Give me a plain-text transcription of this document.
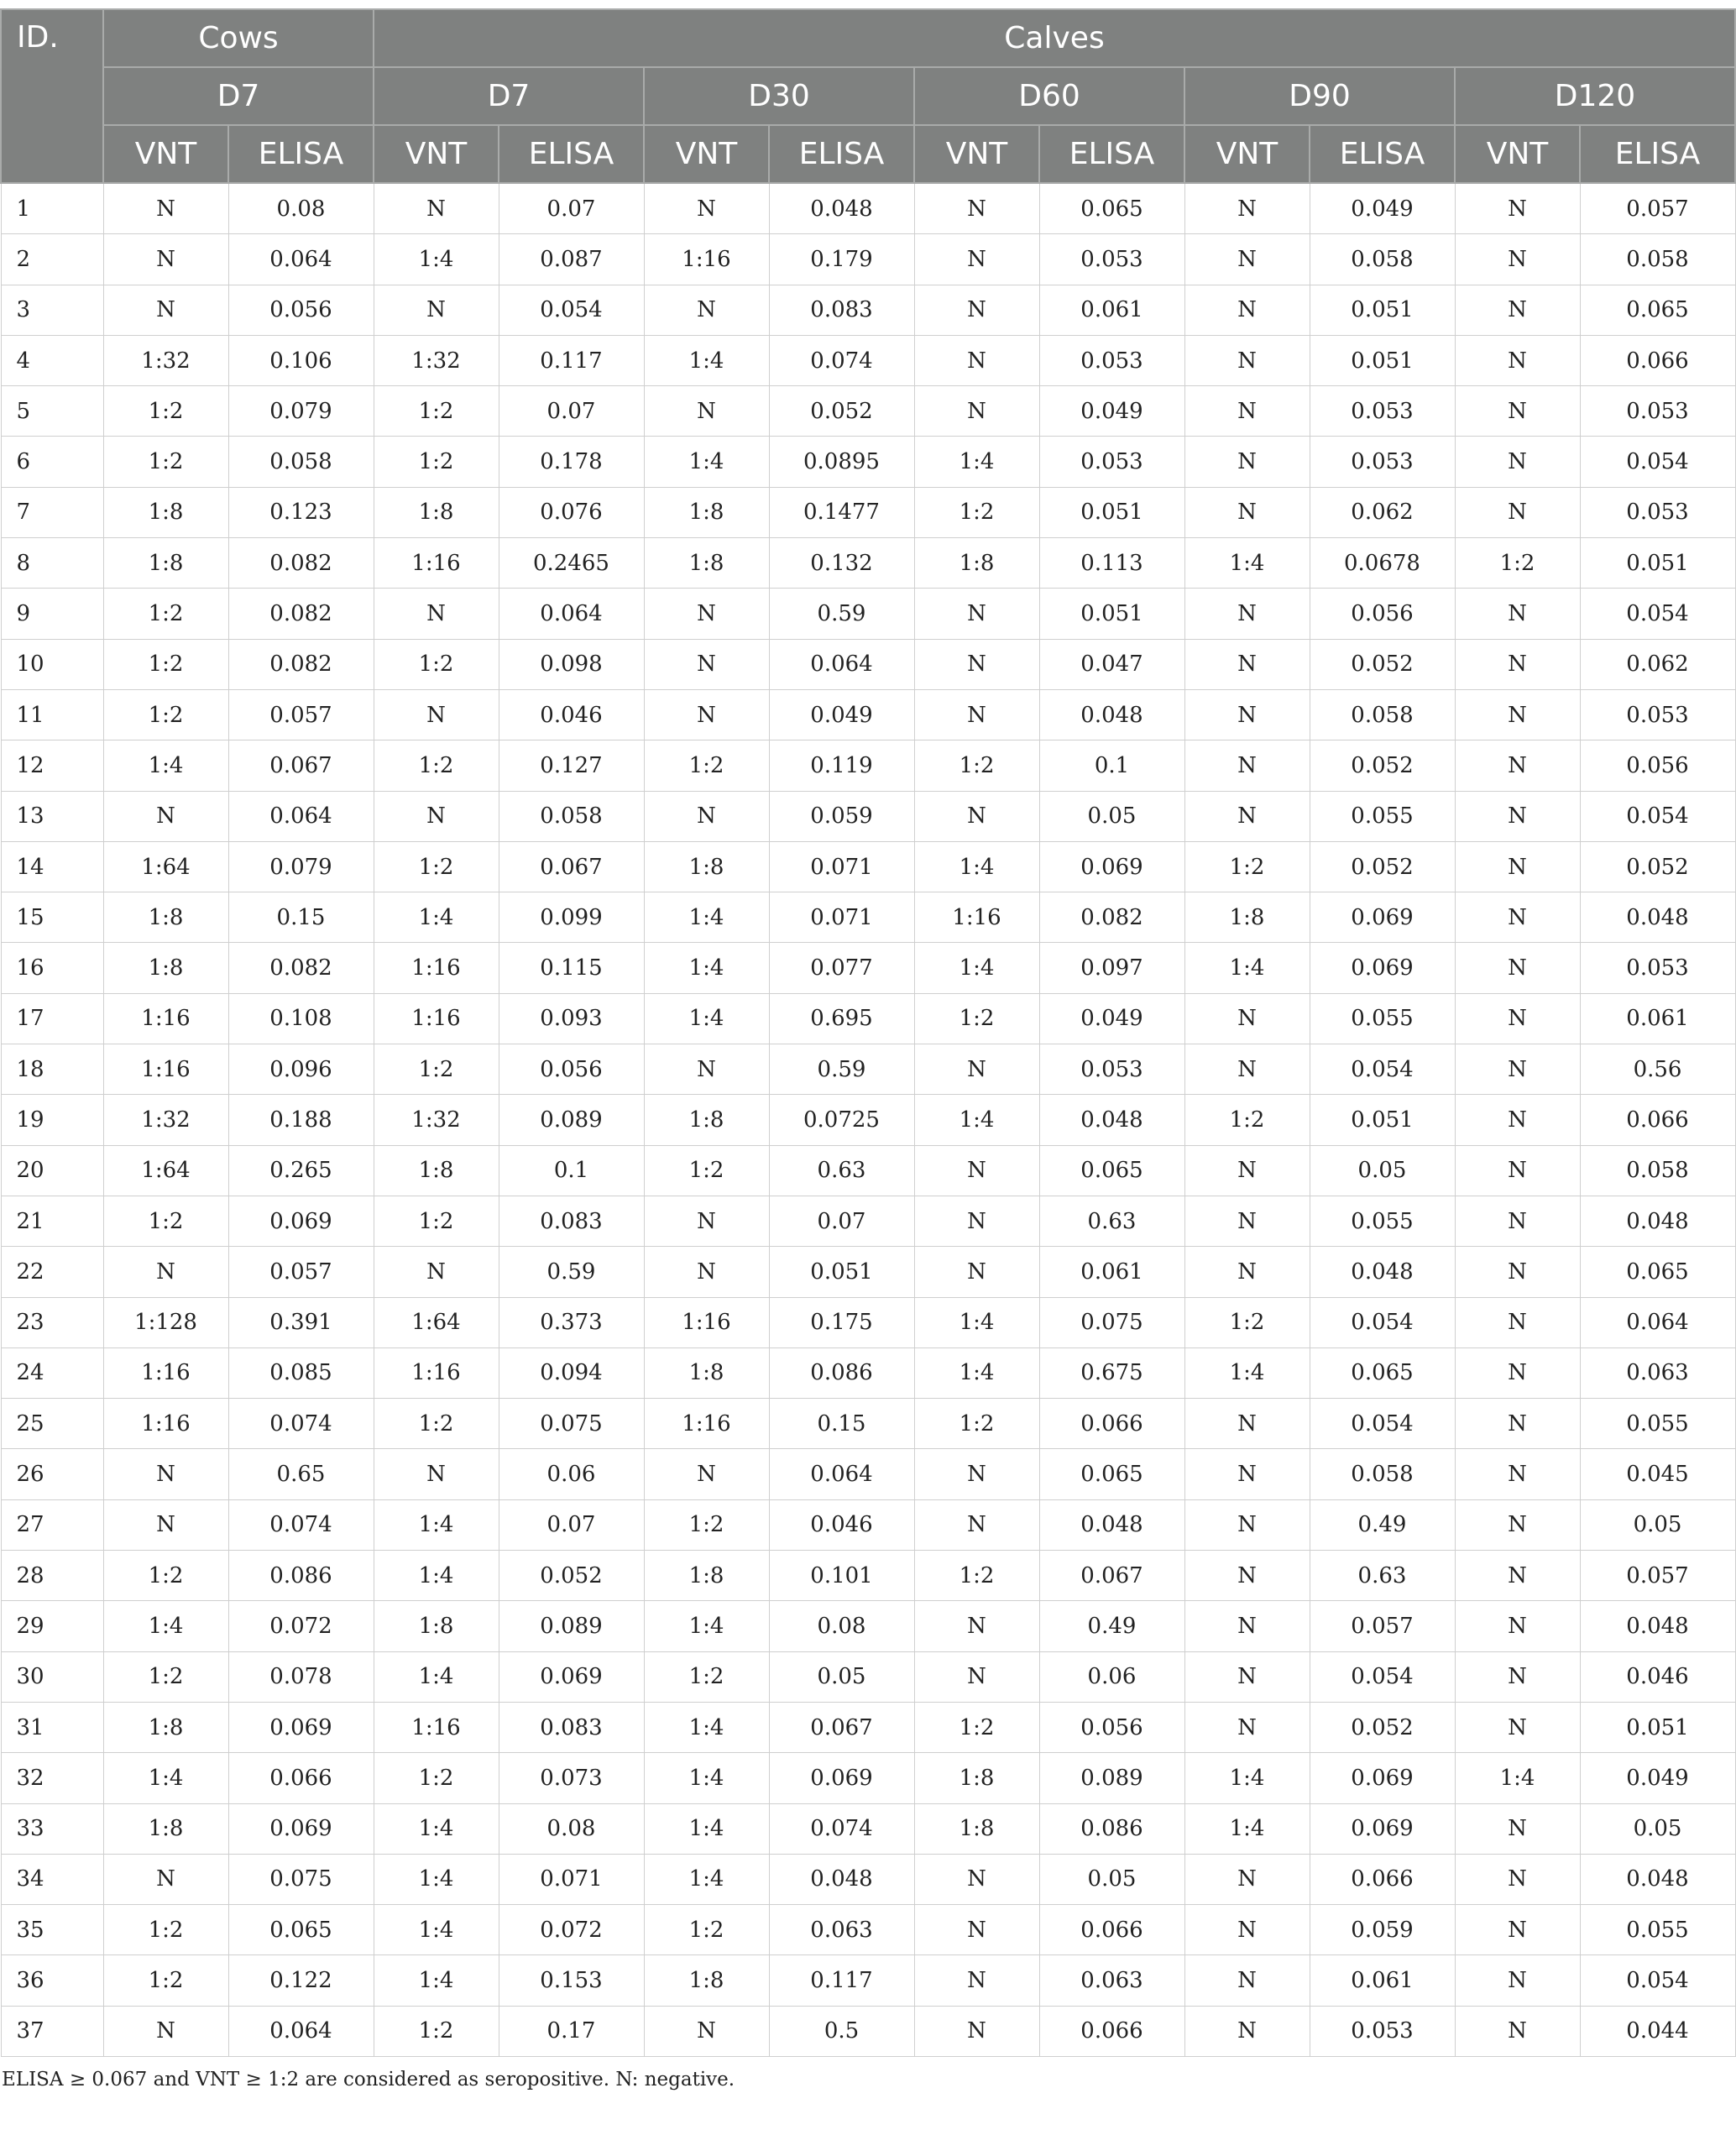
ID.	Cows		Calves									
	D7		D7		D30		D60		D90		D120	
	VNT	ELISA	VNT	ELISA	VNT	ELISA	VNT	ELISA	VNT	ELISA	VNT	ELISA
1	N	0.08	N	0.07	N	0.048	N	0.065	N	0.049	N	0.057
2	N	0.064	1:4	0.087	1:16	0.179	N	0.053	N	0.058	N	0.058
3	N	0.056	N	0.054	N	0.083	N	0.061	N	0.051	N	0.065
4	1:32	0.106	1:32	0.117	1:4	0.074	N	0.053	N	0.051	N	0.066
5	1:2	0.079	1:2	0.07	N	0.052	N	0.049	N	0.053	N	0.053
6	1:2	0.058	1:2	0.178	1:4	0.0895	1:4	0.053	N	0.053	N	0.054
7	1:8	0.123	1:8	0.076	1:8	0.1477	1:2	0.051	N	0.062	N	0.053
8	1:8	0.082	1:16	0.2465	1:8	0.132	1:8	0.113	1:4	0.0678	1:2	0.051
9	1:2	0.082	N	0.064	N	0.59	N	0.051	N	0.056	N	0.054
10	1:2	0.082	1:2	0.098	N	0.064	N	0.047	N	0.052	N	0.062
11	1:2	0.057	N	0.046	N	0.049	N	0.048	N	0.058	N	0.053
12	1:4	0.067	1:2	0.127	1:2	0.119	1:2	0.1	N	0.052	N	0.056
13	N	0.064	N	0.058	N	0.059	N	0.05	N	0.055	N	0.054
14	1:64	0.079	1:2	0.067	1:8	0.071	1:4	0.069	1:2	0.052	N	0.052
15	1:8	0.15	1:4	0.099	1:4	0.071	1:16	0.082	1:8	0.069	N	0.048
16	1:8	0.082	1:16	0.115	1:4	0.077	1:4	0.097	1:4	0.069	N	0.053
17	1:16	0.108	1:16	0.093	1:4	0.695	1:2	0.049	N	0.055	N	0.061
18	1:16	0.096	1:2	0.056	N	0.59	N	0.053	N	0.054	N	0.56
19	1:32	0.188	1:32	0.089	1:8	0.0725	1:4	0.048	1:2	0.051	N	0.066
20	1:64	0.265	1:8	0.1	1:2	0.63	N	0.065	N	0.05	N	0.058
21	1:2	0.069	1:2	0.083	N	0.07	N	0.63	N	0.055	N	0.048
22	N	0.057	N	0.59	N	0.051	N	0.061	N	0.048	N	0.065
23	1:128	0.391	1:64	0.373	1:16	0.175	1:4	0.075	1:2	0.054	N	0.064
24	1:16	0.085	1:16	0.094	1:8	0.086	1:4	0.675	1:4	0.065	N	0.063
25	1:16	0.074	1:2	0.075	1:16	0.15	1:2	0.066	N	0.054	N	0.055
26	N	0.65	N	0.06	N	0.064	N	0.065	N	0.058	N	0.045
27	N	0.074	1:4	0.07	1:2	0.046	N	0.048	N	0.49	N	0.05
28	1:2	0.086	1:4	0.052	1:8	0.101	1:2	0.067	N	0.63	N	0.057
29	1:4	0.072	1:8	0.089	1:4	0.08	N	0.49	N	0.057	N	0.048
30	1:2	0.078	1:4	0.069	1:2	0.05	N	0.06	N	0.054	N	0.046
31	1:8	0.069	1:16	0.083	1:4	0.067	1:2	0.056	N	0.052	N	0.051
32	1:4	0.066	1:2	0.073	1:4	0.069	1:8	0.089	1:4	0.069	1:4	0.049
33	1:8	0.069	1:4	0.08	1:4	0.074	1:8	0.086	1:4	0.069	N	0.05
34	N	0.075	1:4	0.071	1:4	0.048	N	0.05	N	0.066	N	0.048
35	1:2	0.065	1:4	0.072	1:2	0.063	N	0.066	N	0.059	N	0.055
36	1:2	0.122	1:4	0.153	1:8	0.117	N	0.063	N	0.061	N	0.054
37	N	0.064	1:2	0.17	N	0.5	N	0.066	N	0.053	N	0.044
ELISA ≥ 0.067 and VNT ≥ 1:2 are considered as seropositive. N: negative.
